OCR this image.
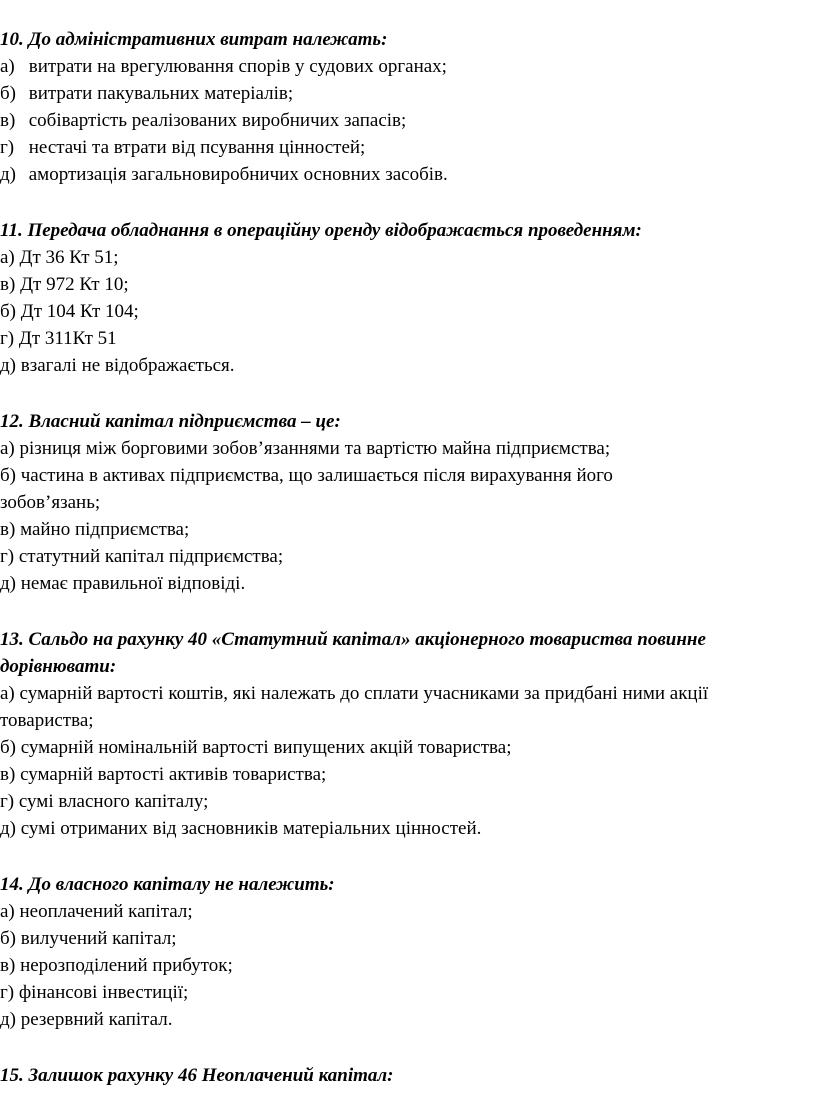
10. До адміністративних витрат належать:
а) витрати на врегулювання спорів у судових органах;
б) витрати пакувальних матеріалів;
в) собівартість реалізованих виробничих запасів;
г) нестачі та втрати від псування цінностей;
д) амортизація загальновиробничих основних засобів.
11. Передача обладнання в операційну оренду відображається проведенням:
а) Дт 36 Кт 51;
в) Дт 972 Кт 10;
б) Дт 104 Кт 104;
г) Дт 311Кт 51
д) взагалі не відображається.
12. Власний капітал підприємства – це:
а) різниця між борговими зобов’язаннями та вартістю майна підприємства;
б) частина в активах підприємства, що залишається після вирахування його
зобов’язань;
в) майно підприємства;
г) статутний капітал підприємства;
д) немає правильної відповіді.
13. Сальдо на рахунку 40 «Статутний капітал» акціонерного товариства повинне
дорівнювати:
а) сумарній вартості коштів, які належать до сплати учасниками за придбані ними акції
товариства;
б) сумарній номінальній вартості випущених акцій товариства;
в) сумарній вартості активів товариства;
г) сумі власного капіталу;
д) сумі отриманих від засновників матеріальних цінностей.
14. До власного капіталу не належить:
а) неоплачений капітал;
б) вилучений капітал;
в) нерозподілений прибуток;
г) фінансові інвестиції;
д) резервний капітал.
15. Залишок рахунку 46 Неоплачений капітал:
